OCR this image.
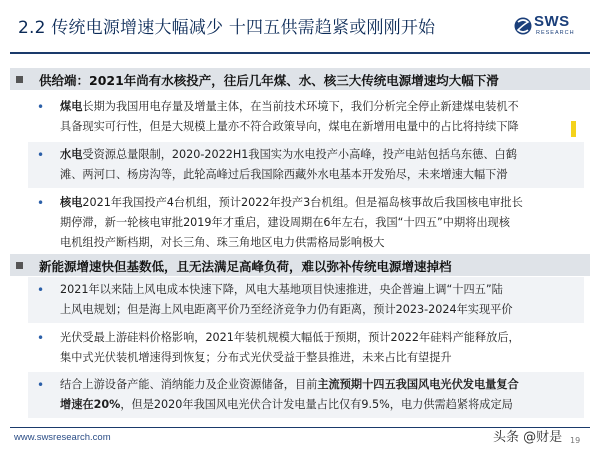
2.2 传统电源增速大幅减少 十四五供需趋紧或刚刚开始	SWS
RESEARCH
供给端：2021年尚有水核投产，往后几年煤、水、核三大传统电源增速均大幅下滑
• 煤电长期为我国用电存量及增量主体，在当前技术环境下，我们分析完全停止新建煤电装机不
具备现实可行性，但是大规模上量亦不符合政策导向，煤电在新增用电量中的占比将持续下降
• 水电受资源总量限制，2020-2022H1我国实为水电投产小高峰，投产电站包括乌东德、白鹤
滩、两河口、杨房沟等，此轮高峰过后我国除西藏外水电基本开发殆尽，未来增速大幅下滑
• 核电2021年我国投产4台机组，预计2022年投产3台机组。但是福岛核事故后我国核电审批长
期停滞，新一轮核电审批2019年才重启，建设周期在6年左右，我国“十四五”中期将出现核
电机组投产断档期，对长三角、珠三角地区电力供需格局影响极大
新能源增速快但基数低，且无法满足高峰负荷，难以弥补传统电源增速掉档
• 2021年以来陆上风电成本快速下降，风电大基地项目快速推进，央企普遍上调“十四五”陆
上风电规划；但是海上风电距离平价乃至经济竞争力仍有距离，预计2023-2024年实现平价
• 光伏受最上游硅料价格影响，2021年装机规模大幅低于预期，预计2022年硅料产能释放后，
集中式光伏装机增速得到恢复；分布式光伏受益于整县推进，未来占比有望提升
• 结合上游设备产能、消纳能力及企业资源储备，目前主流预期十四五我国风电光伏发电量复合
增速在20%，但是2020年我国风电光伏合计发电量占比仅有9.5%，电力供需趋紧将成定局
www.swsresearch.com	头条 @财是 19
